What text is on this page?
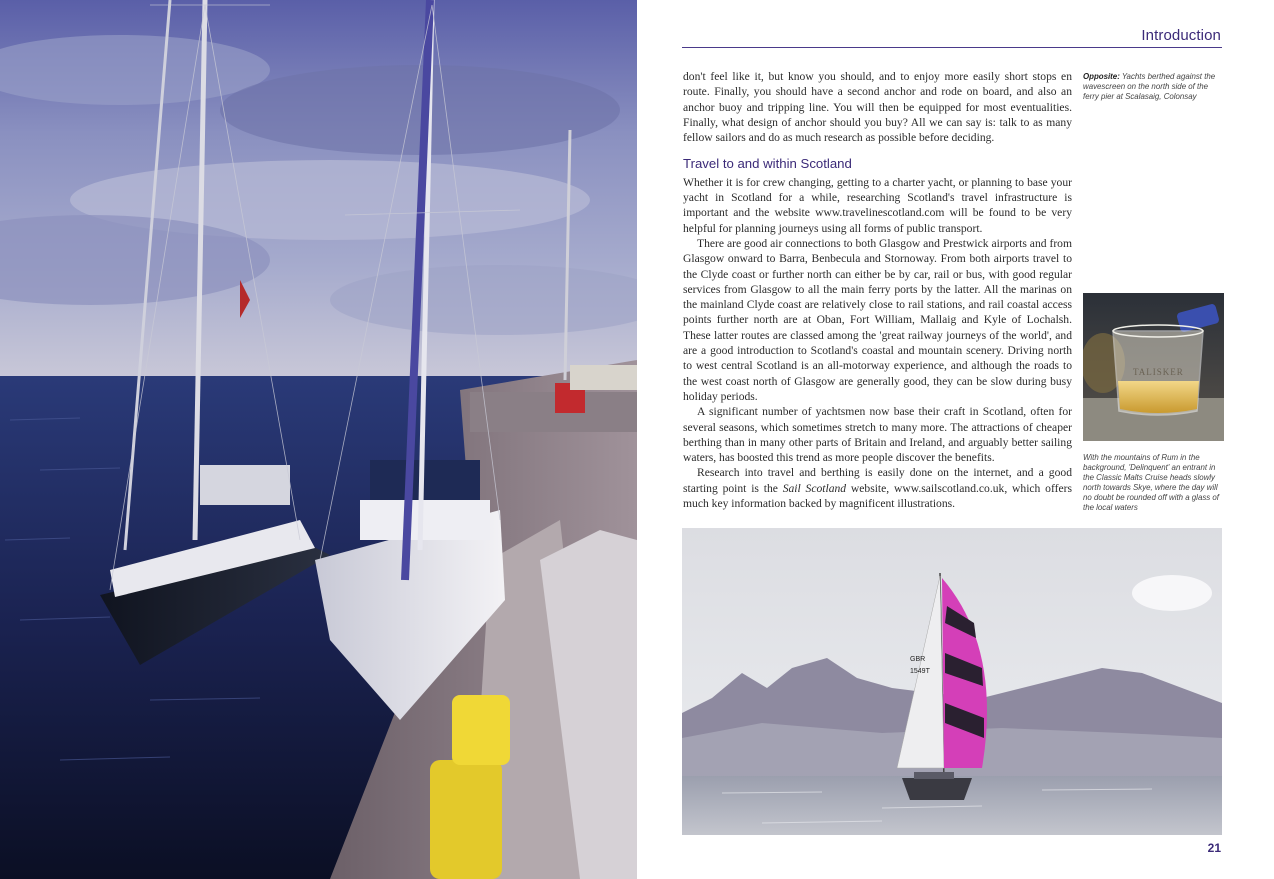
Introduction

don't feel like it, but know you should, and to enjoy more easily short stops en route. Finally, you should have a second anchor and rode on board, and also an anchor buoy and tripping line. You will then be equipped for most eventualities. Finally, what design of anchor should you buy? All we can say is: talk to as many fellow sailors and do as much research as possible before deciding.

Travel to and within Scotland

Whether it is for crew changing, getting to a charter yacht, or planning to base your yacht in Scotland for a while, researching Scotland's travel infrastructure is important and the website www.travelinescotland.com will be found to be very helpful for planning journeys using all forms of public transport.

There are good air connections to both Glasgow and Prestwick airports and from Glasgow onward to Barra, Benbecula and Stornoway. From both airports travel to the Clyde coast or further north can either be by car, rail or bus, with good regular services from Glasgow to all the main ferry ports by the latter. All the marinas on the mainland Clyde coast are relatively close to rail stations, and rail coastal access points further north are at Oban, Fort William, Mallaig and Kyle of Lochalsh. These latter routes are classed among the 'great railway journeys of the world', and are a good introduction to Scotland's coastal and mountain scenery. Driving north to west central Scotland is an all-motorway experience, and although the roads to the west coast north of Glasgow are generally good, they can be slow during busy holiday periods.

A significant number of yachtsmen now base their craft in Scotland, often for several seasons, which sometimes stretch to many more. The attractions of cheaper berthing than in many other parts of Britain and Ireland, and arguably better sailing waters, has boosted this trend as more people discover the benefits.

Research into travel and berthing is easily done on the internet, and a good starting point is the Sail Scotland website, www.sailscotland.co.uk, which offers much key information backed by magnificent illustrations.

Opposite: Yachts berthed against the wavescreen on the north side of the ferry pier at Scalasaig, Colonsay
TALISKER
With the mountains of Rum in the background, 'Delinquent' an entrant in the Classic Malts Cruise heads slowly north towards Skye, where the day will no doubt be rounded off with a glass of the local waters
GBR
1549T
21
